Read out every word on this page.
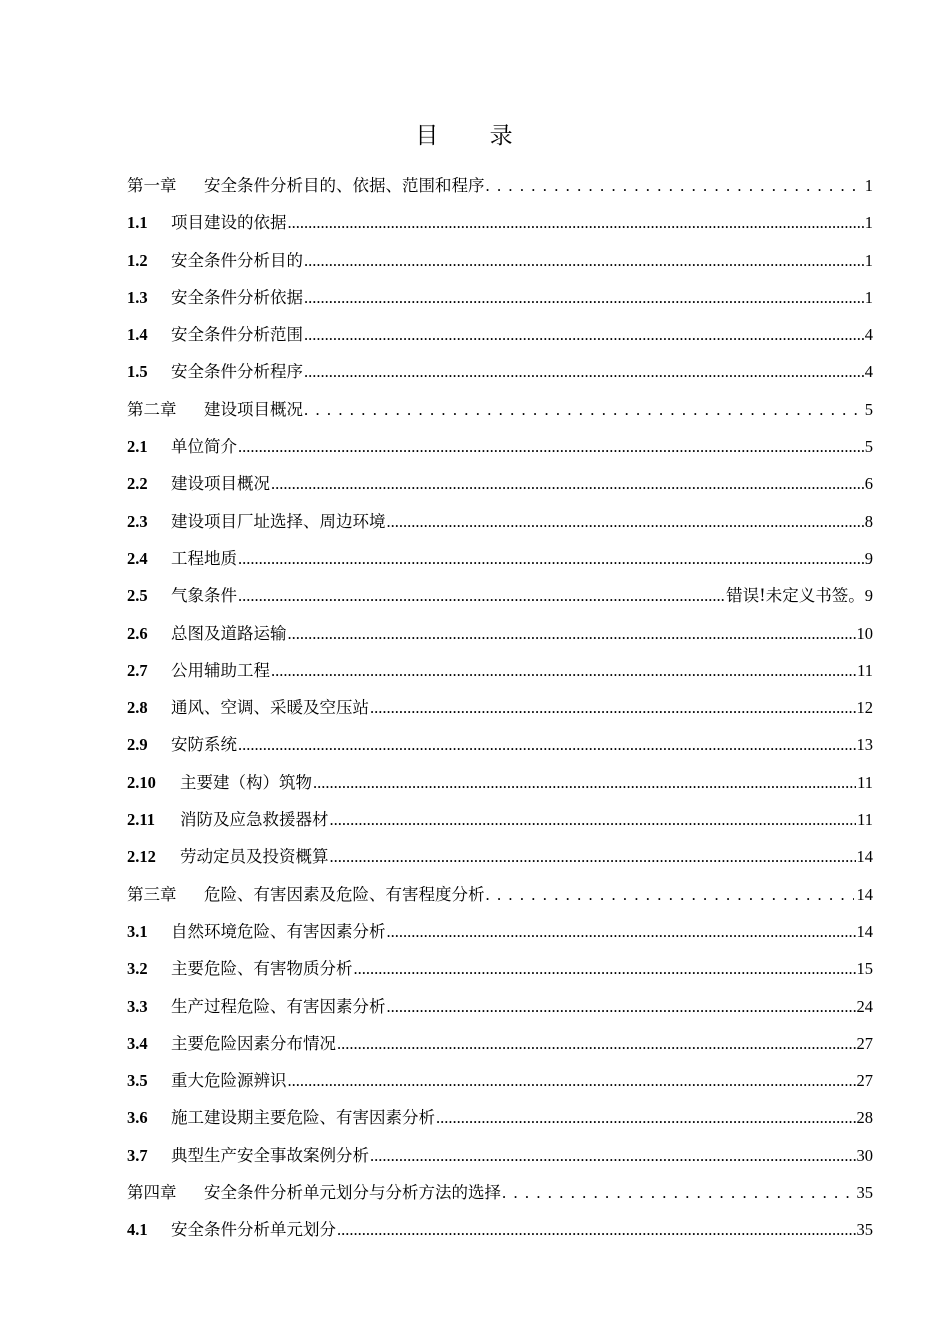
目 录
第一章	安全条件分析目的、依据、范围和程序 . . .	1
1.1	项目建设的依据 .....	1
1.2	安全条件分析目的 .....	1
1.3	安全条件分析依据 .....	1
1.4	安全条件分析范围 .....	4
1.5	安全条件分析程序 .....	4
第二章	建设项目概况 . . .	5
2.1	单位简介 .....	5
2.2	建设项目概况 .....	6
2.3	建设项目厂址选择、周边环境 .....	8
2.4	工程地质 .....	9
2.5	气象条件 .....	错误!未定义书签。 9
2.6	总图及道路运输 .....	10
2.7	公用辅助工程 .....	11
2.8	通风、空调、采暖及空压站 .....	12
2.9	安防系统 .....	13
2.10	主要建（构）筑物 .....	11
2.11	消防及应急救援器材 .....	11
2.12	劳动定员及投资概算 .....	14
第三章	危险、有害因素及危险、有害程度分析 . . .	14
3.1	自然环境危险、有害因素分析 .....	14
3.2	主要危险、有害物质分析 .....	15
3.3	生产过程危险、有害因素分析 .....	24
3.4	主要危险因素分布情况 .....	27
3.5	重大危险源辨识 .....	27
3.6	施工建设期主要危险、有害因素分析 .....	28
3.7	典型生产安全事故案例分析 .....	30
第四章	安全条件分析单元划分与分析方法的选择 . . .	35
4.1	安全条件分析单元划分 .....	35
